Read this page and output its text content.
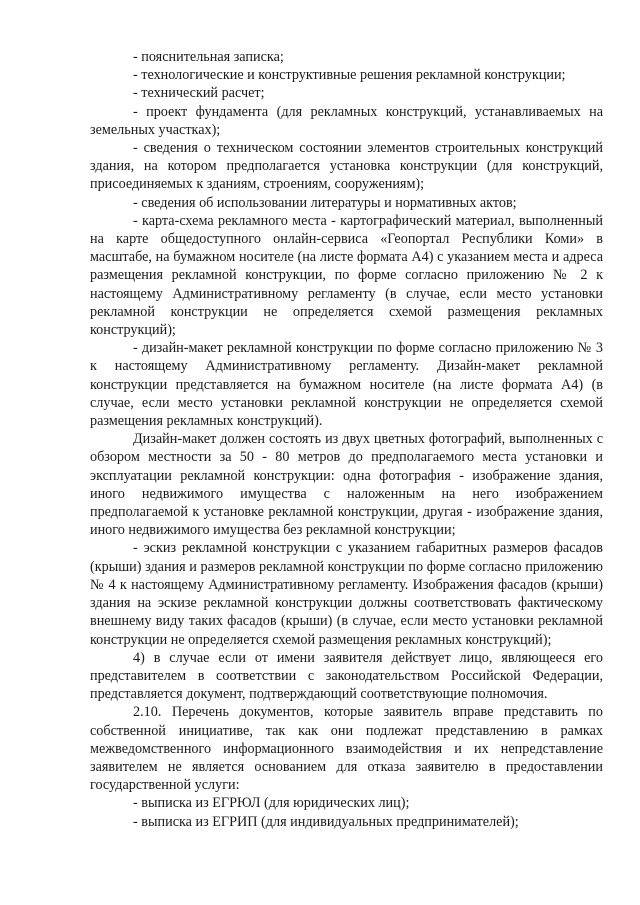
- пояснительная записка;

- технологические и конструктивные решения рекламной конструкции;

- технический расчет;

- проект фундамента (для рекламных конструкций, устанавливаемых на земельных участках);

- сведения о техническом состоянии элементов строительных конструкций здания, на котором предполагается установка конструкции (для конструкций, присоединяемых к зданиям, строениям, сооружениям);

- сведения об использовании литературы и нормативных актов;

- карта-схема рекламного места - картографический материал, выполненный на карте общедоступного онлайн-сервиса «Геопортал Республики Коми» в масштабе, на бумажном носителе (на листе формата А4) с указанием места и адреса размещения рекламной конструкции, по форме согласно приложению № 2 к настоящему Административному регламенту (в случае, если место установки рекламной конструкции не определяется схемой размещения рекламных конструкций);

- дизайн-макет рекламной конструкции по форме согласно приложению № 3 к настоящему Административному регламенту. Дизайн-макет рекламной конструкции представляется на бумажном носителе (на листе формата А4) (в случае, если место установки рекламной конструкции не определяется схемой размещения рекламных конструкций).

Дизайн-макет должен состоять из двух цветных фотографий, выполненных с обзором местности за 50 - 80 метров до предполагаемого места установки и эксплуатации рекламной конструкции: одна фотография - изображение здания, иного недвижимого имущества с наложенным на него изображением предполагаемой к установке рекламной конструкции, другая - изображение здания, иного недвижимого имущества без рекламной конструкции;

- эскиз рекламной конструкции с указанием габаритных размеров фасадов (крыши) здания и размеров рекламной конструкции по форме согласно приложению № 4 к настоящему Административному регламенту. Изображения фасадов (крыши) здания на эскизе рекламной конструкции должны соответствовать фактическому внешнему виду таких фасадов (крыши) (в случае, если место установки рекламной конструкции не определяется схемой размещения рекламных конструкций);

4) в случае если от имени заявителя действует лицо, являющееся его представителем в соответствии с законодательством Российской Федерации, представляется документ, подтверждающий соответствующие полномочия.

2.10. Перечень документов, которые заявитель вправе представить по собственной инициативе, так как они подлежат представлению в рамках межведомственного информационного взаимодействия и их непредставление заявителем не является основанием для отказа заявителю в предоставлении государственной услуги:

- выписка из ЕГРЮЛ (для юридических лиц);

- выписка из ЕГРИП (для индивидуальных предпринимателей);
